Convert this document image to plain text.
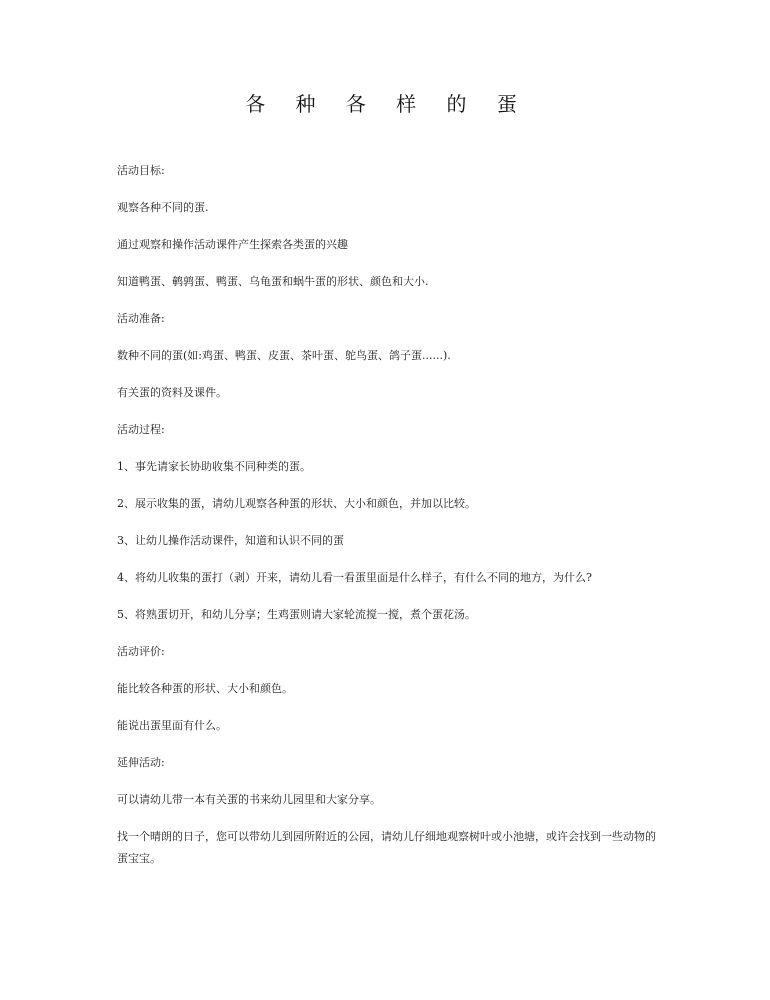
各 种 各 样 的 蛋
活动目标:
观察各种不同的蛋.
通过观察和操作活动课件产生探索各类蛋的兴趣
知道鸭蛋、鹌鹑蛋、鸭蛋、乌龟蛋和蜗牛蛋的形状、颜色和大小.
活动准备:
数种不同的蛋(如:鸡蛋、鸭蛋、皮蛋、茶叶蛋、鸵鸟蛋、鸽子蛋......).
有关蛋的资料及课件。
活动过程:
1、事先请家长协助收集不同种类的蛋。
2、展示收集的蛋，请幼儿观察各种蛋的形状、大小和颜色，并加以比较。
3、让幼儿操作活动课件，知道和认识不同的蛋
4、将幼儿收集的蛋打（剥）开来，请幼儿看一看蛋里面是什么样子，有什么不同的地方，为什么?
5、将熟蛋切开，和幼儿分享；生鸡蛋则请大家轮流搅一搅，煮个蛋花汤。
活动评价:
能比较各种蛋的形状、大小和颜色。
能说出蛋里面有什么。
延伸活动:
可以请幼儿带一本有关蛋的书来幼儿园里和大家分享。
找一个晴朗的日子，您可以带幼儿到园所附近的公园，请幼儿仔细地观察树叶或小池塘，或许会找到一些动物的蛋宝宝。
